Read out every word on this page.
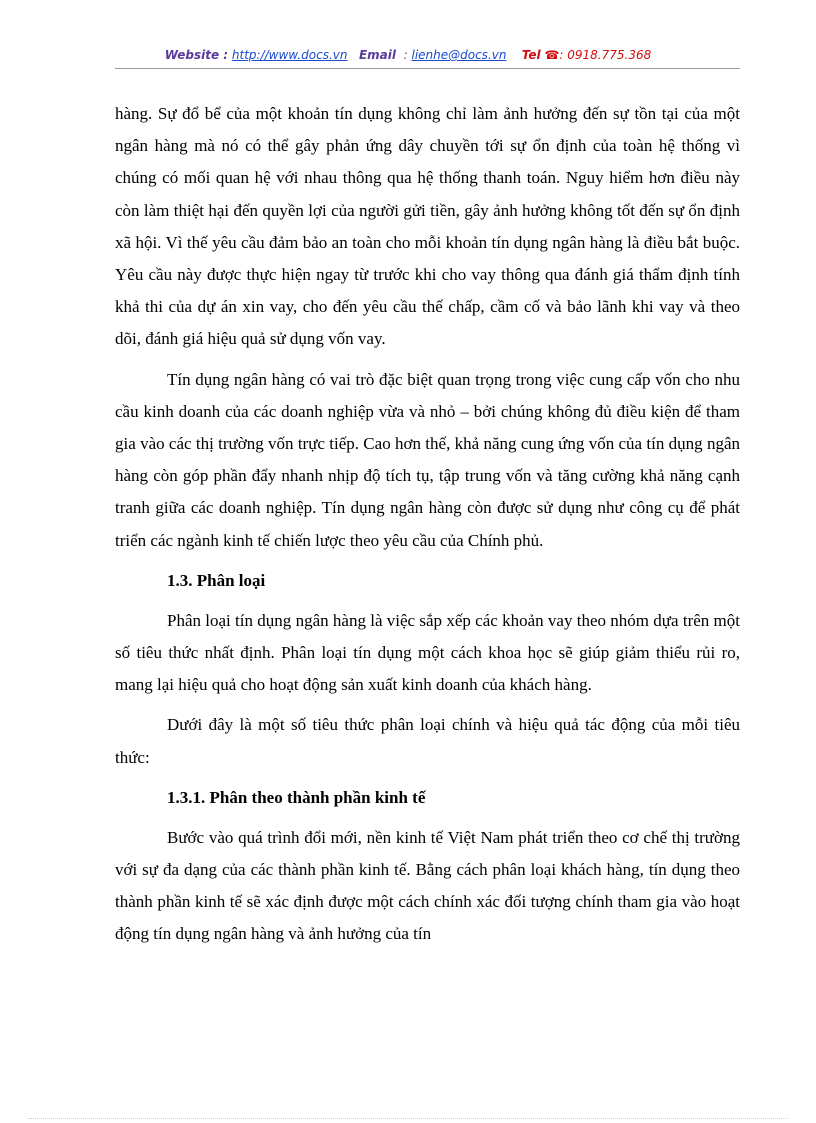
Website : http://www.docs.vn Email : lienhe@docs.vn Tel ☎: 0918.775.368

hàng. Sự đổ bể của một khoản tín dụng không chỉ làm ảnh hưởng đến sự tồn tại của một ngân hàng mà nó có thể gây phản ứng dây chuyền tới sự ổn định của toàn hệ thống vì chúng có mối quan hệ với nhau thông qua hệ thống thanh toán. Nguy hiểm hơn điều này còn làm thiệt hại đến quyền lợi của người gửi tiền, gây ảnh hưởng không tốt đến sự ổn định xã hội. Vì thế yêu cầu đảm bảo an toàn cho mỗi khoản tín dụng ngân hàng là điều bắt buộc. Yêu cầu này được thực hiện ngay từ trước khi cho vay thông qua đánh giá thẩm định tính khả thi của dự án xin vay, cho đến yêu cầu thế chấp, cầm cố và bảo lãnh khi vay và theo dõi, đánh giá hiệu quả sử dụng vốn vay.

Tín dụng ngân hàng có vai trò đặc biệt quan trọng trong việc cung cấp vốn cho nhu cầu kinh doanh của các doanh nghiệp vừa và nhỏ – bởi chúng không đủ điều kiện để tham gia vào các thị trường vốn trực tiếp. Cao hơn thế, khả năng cung ứng vốn của tín dụng ngân hàng còn góp phần đẩy nhanh nhịp độ tích tụ, tập trung vốn và tăng cường khả năng cạnh tranh giữa các doanh nghiệp. Tín dụng ngân hàng còn được sử dụng như công cụ để phát triển các ngành kinh tế chiến lược theo yêu cầu của Chính phủ.

1.3. Phân loại

Phân loại tín dụng ngân hàng là việc sắp xếp các khoản vay theo nhóm dựa trên một số tiêu thức nhất định. Phân loại tín dụng một cách khoa học sẽ giúp giảm thiểu rủi ro, mang lại hiệu quả cho hoạt động sản xuất kinh doanh của khách hàng.

Dưới đây là một số tiêu thức phân loại chính và hiệu quả tác động của mỗi tiêu thức:

1.3.1. Phân theo thành phần kinh tế

Bước vào quá trình đổi mới, nền kinh tế Việt Nam phát triển theo cơ chế thị trường với sự đa dạng của các thành phần kinh tế. Bằng cách phân loại khách hàng, tín dụng theo thành phần kinh tế sẽ xác định được một cách chính xác đối tượng chính tham gia vào hoạt động tín dụng ngân hàng và ảnh hưởng của tín
